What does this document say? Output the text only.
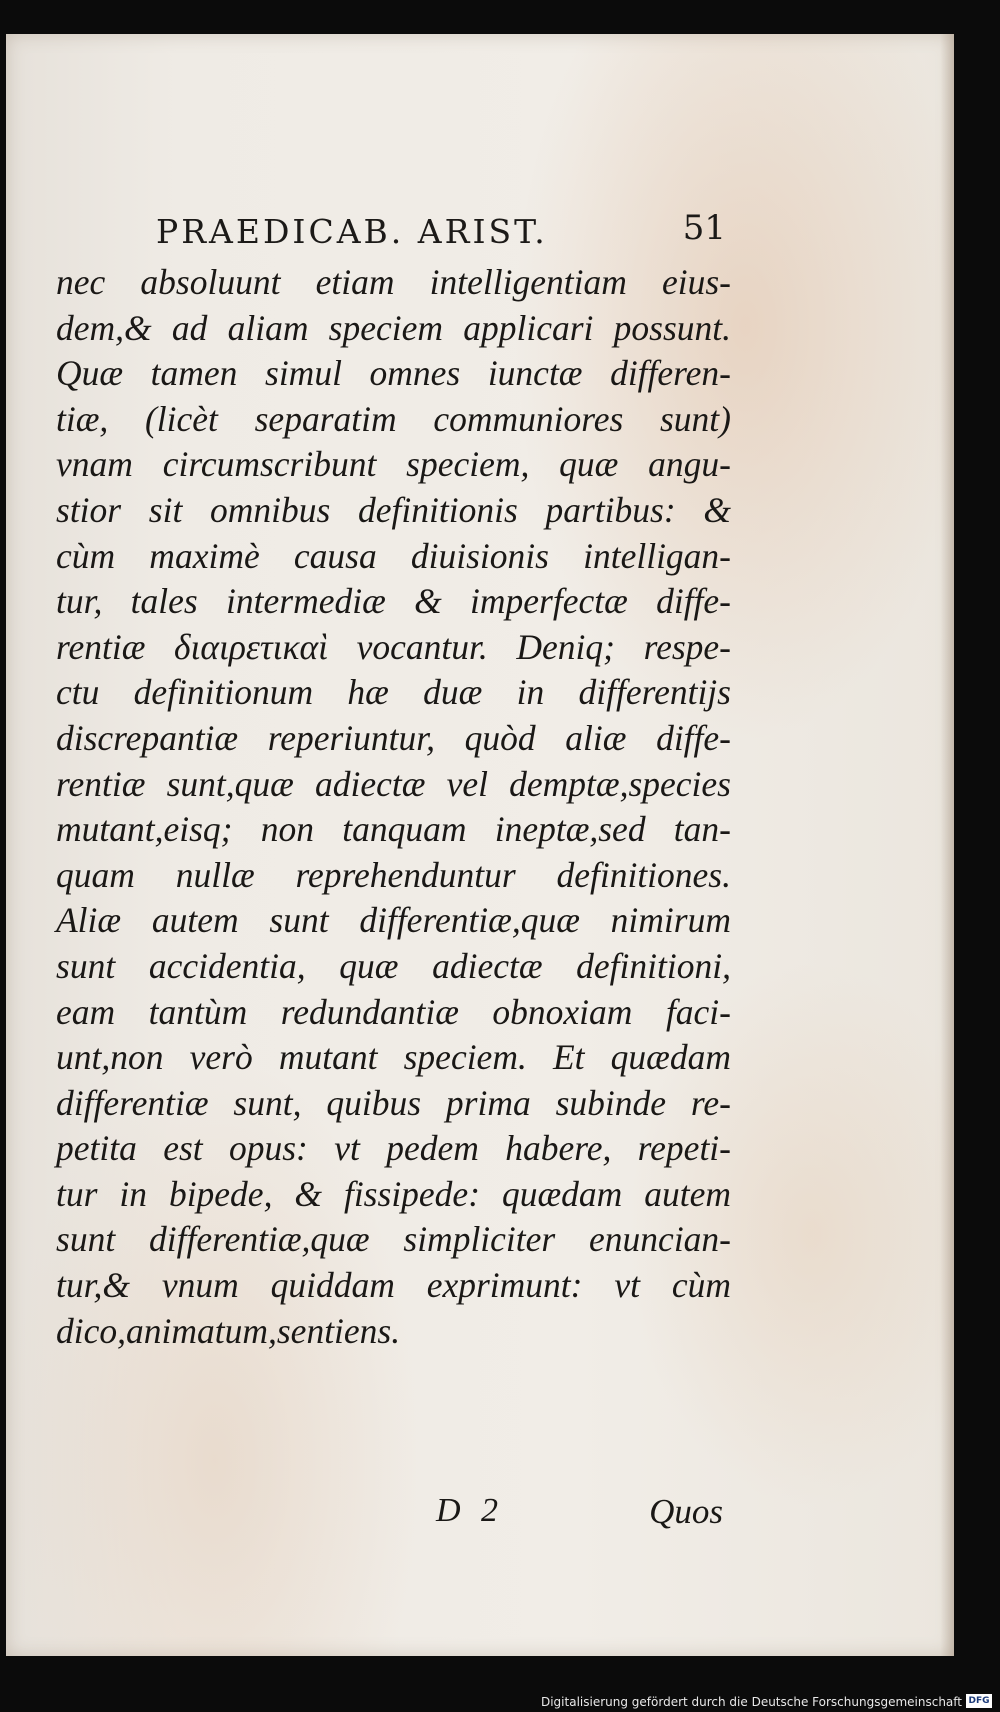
PRAEDICAB. ARIST.	51
nec absoluunt etiam intelligentiam eius-
dem,& ad aliam speciem applicari possunt.
Quæ tamen simul omnes iunctæ differen-
tiæ, (licèt separatim communiores sunt)
vnam circumscribunt speciem, quæ angu-
stior sit omnibus definitionis partibus: &
cùm maximè causa diuisionis intelligan-
tur, tales intermediæ & imperfectæ diffe-
rentiæ διαιρετικαὶ vocantur. Deniq; respe-
ctu definitionum hæ duæ in differentijs
discrepantiæ reperiuntur, quòd aliæ diffe-
rentiæ sunt,quæ adiectæ vel demptæ,species
mutant,eisq; non tanquam ineptæ,sed tan-
quam nullæ reprehenduntur definitiones.
Aliæ autem sunt differentiæ,quæ nimirum
sunt accidentia, quæ adiectæ definitioni,
eam tantùm redundantiæ obnoxiam faci-
unt,non verò mutant speciem. Et quædam
differentiæ sunt, quibus prima subinde re-
petita est opus: vt pedem habere, repeti-
tur in bipede, & fissipede: quædam autem
sunt differentiæ,quæ simpliciter enuncian-
tur,& vnum quiddam exprimunt: vt cùm
dico,animatum,sentiens.
D 2	Quos
Digitalisierung gefördert durch die Deutsche Forschungsgemeinschaft DFG
